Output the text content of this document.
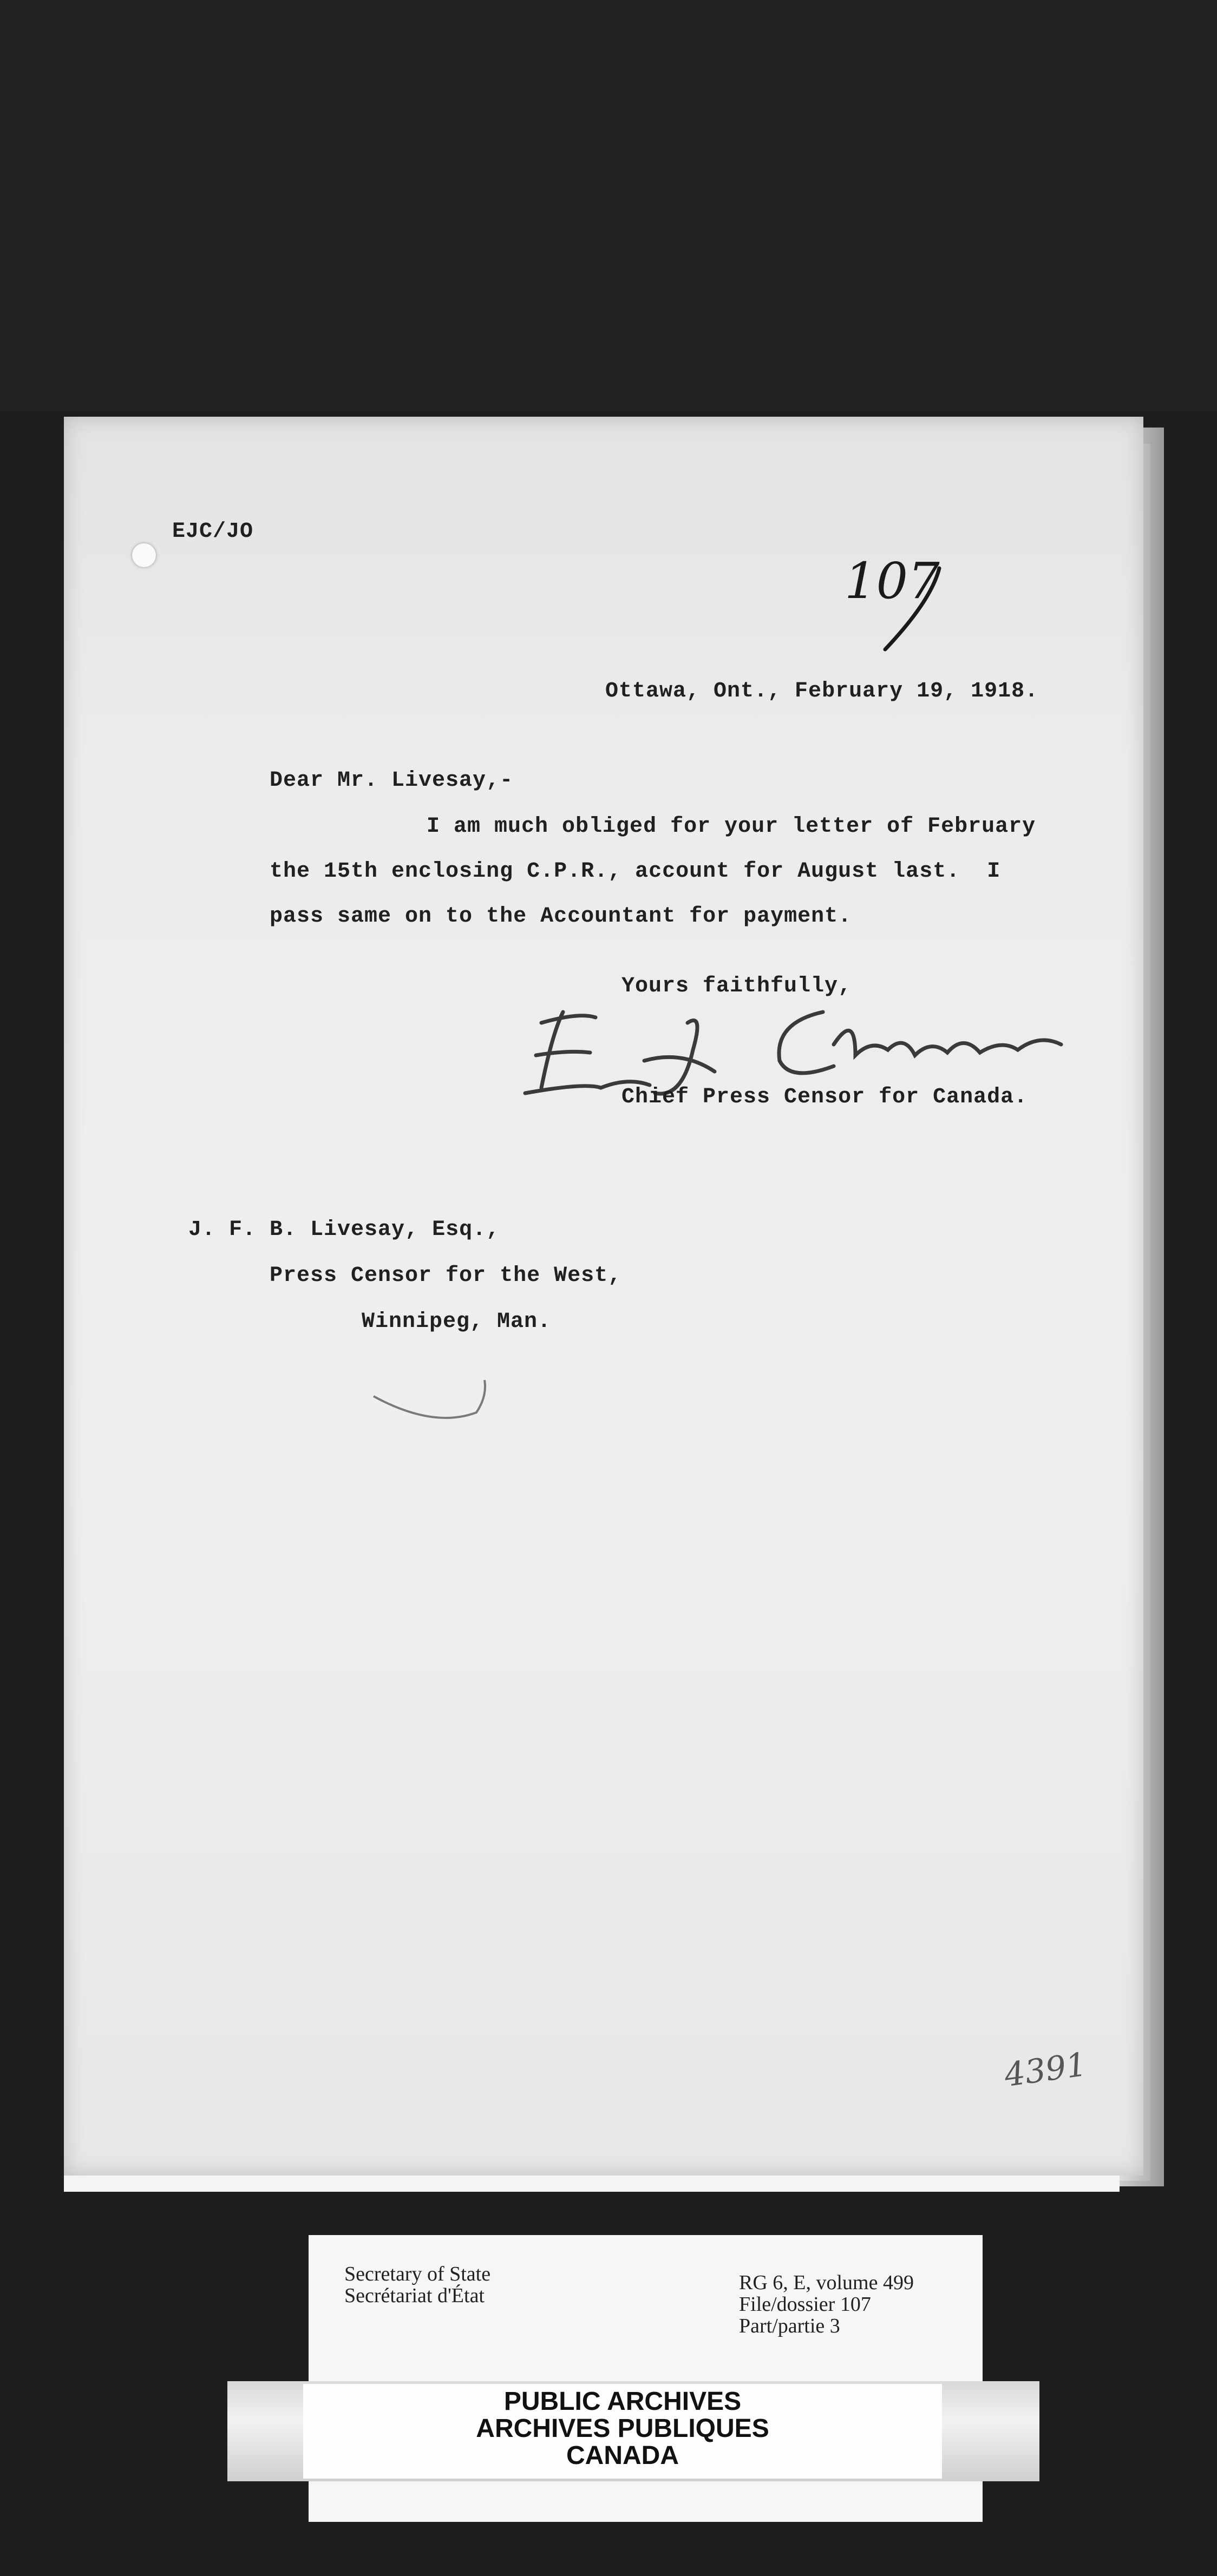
EJC/JO
107
Ottawa, Ont., February 19, 1918.
Dear Mr. Livesay,-
I am much obliged for your letter of February
the 15th enclosing C.P.R., account for August last.  I
pass same on to the Accountant for payment.
Yours faithfully,
Chief Press Censor for Canada.
J. F. B. Livesay, Esq.,
Press Censor for the West,
Winnipeg, Man.
4391
Secretary of State
Secrétariat d'État
RG 6, E, volume 499
File/dossier 107
Part/partie 3
PUBLIC ARCHIVES
ARCHIVES PUBLIQUES
CANADA
